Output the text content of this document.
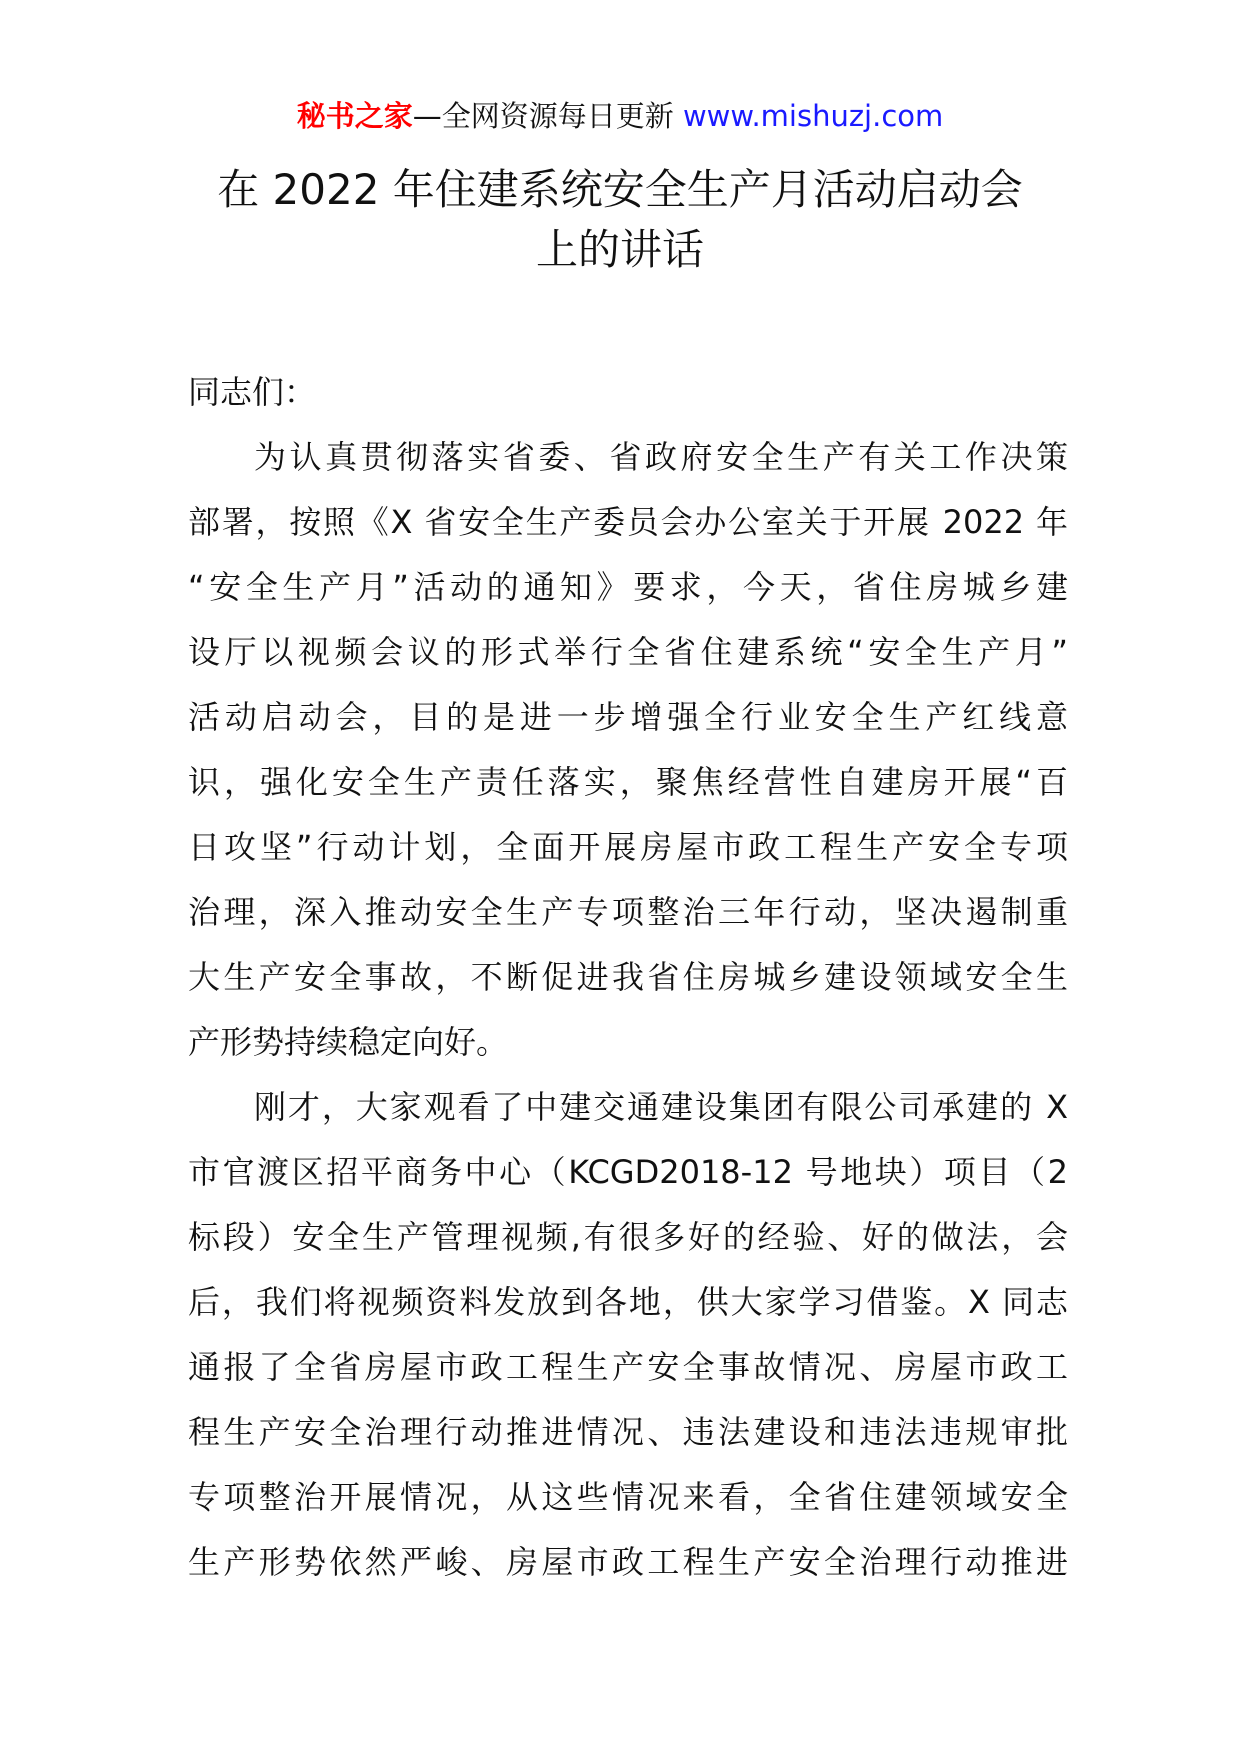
秘书之家—全网资源每日更新 www.mishuzj.com
在 2022 年住建系统安全生产月活动启动会
上的讲话
同志们：
为认真贯彻落实省委、省政府安全生产有关工作决策
部署，按照《X 省安全生产委员会办公室关于开展 2022 年
“安全生产月”活动的通知》要求，今天，省住房城乡建
设厅以视频会议的形式举行全省住建系统“安全生产月”
活动启动会，目的是进一步增强全行业安全生产红线意
识，强化安全生产责任落实，聚焦经营性自建房开展“百
日攻坚”行动计划，全面开展房屋市政工程生产安全专项
治理，深入推动安全生产专项整治三年行动，坚决遏制重
大生产安全事故，不断促进我省住房城乡建设领域安全生
产形势持续稳定向好。
刚才，大家观看了中建交通建设集团有限公司承建的 X
市官渡区招平商务中心（KCGD2018-12 号地块）项目（2
标段）安全生产管理视频,有很多好的经验、好的做法，会
后，我们将视频资料发放到各地，供大家学习借鉴。X 同志
通报了全省房屋市政工程生产安全事故情况、房屋市政工
程生产安全治理行动推进情况、违法建设和违法违规审批
专项整治开展情况，从这些情况来看，全省住建领域安全
生产形势依然严峻、房屋市政工程生产安全治理行动推进
